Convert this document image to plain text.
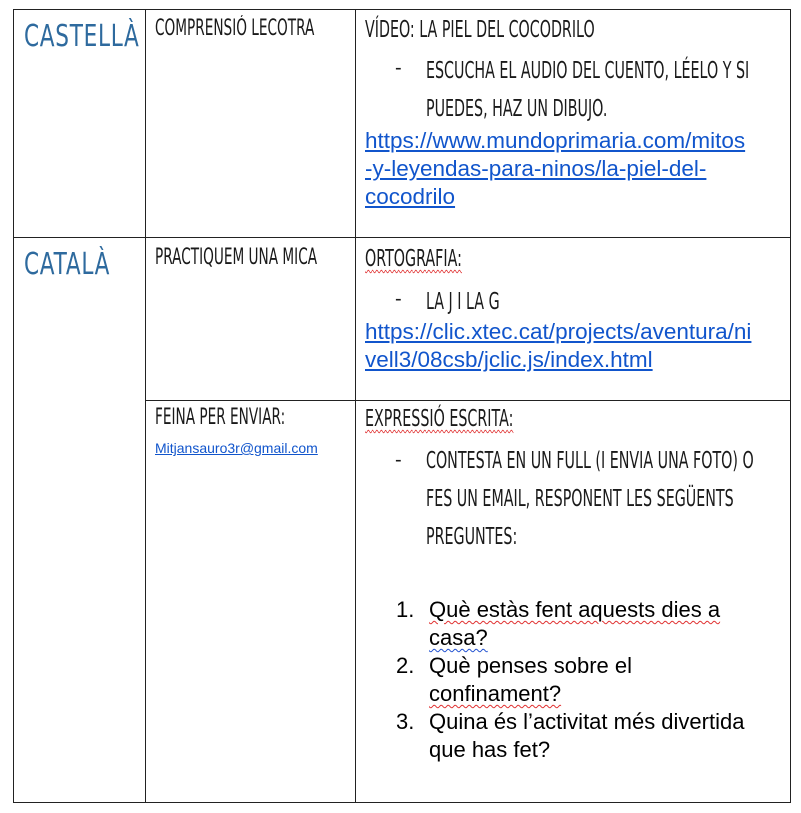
CASTELLÀ COMPRENSIÓ LECOTRA VÍDEO: LA PIEL DEL COCODRILO
- ESCUCHA EL AUDIO DEL CUENTO, LÉELO Y SI
PUEDES, HAZ UN DIBUJO.
https://www.mundoprimaria.com/mitos
-y-leyendas-para-ninos/la-piel-del-
cocodrilo
CATALÀ PRACTIQUEM UNA MICA ORTOGRAFIA:
- LA J I LA G
https://clic.xtec.cat/projects/aventura/ni
vell3/08csb/jclic.js/index.html
FEINA PER ENVIAR:
Mitjansauro3r@gmail.com
EXPRESSIÓ ESCRITA:
- CONTESTA EN UN FULL (I ENVIA UNA FOTO) O
FES UN EMAIL, RESPONENT LES SEGÜENTS
PREGUNTES:
1. Què estàs fent aquests dies a
casa?
2. Què penses sobre el
confinament?
3. Quina és l’activitat més divertida
que has fet?
